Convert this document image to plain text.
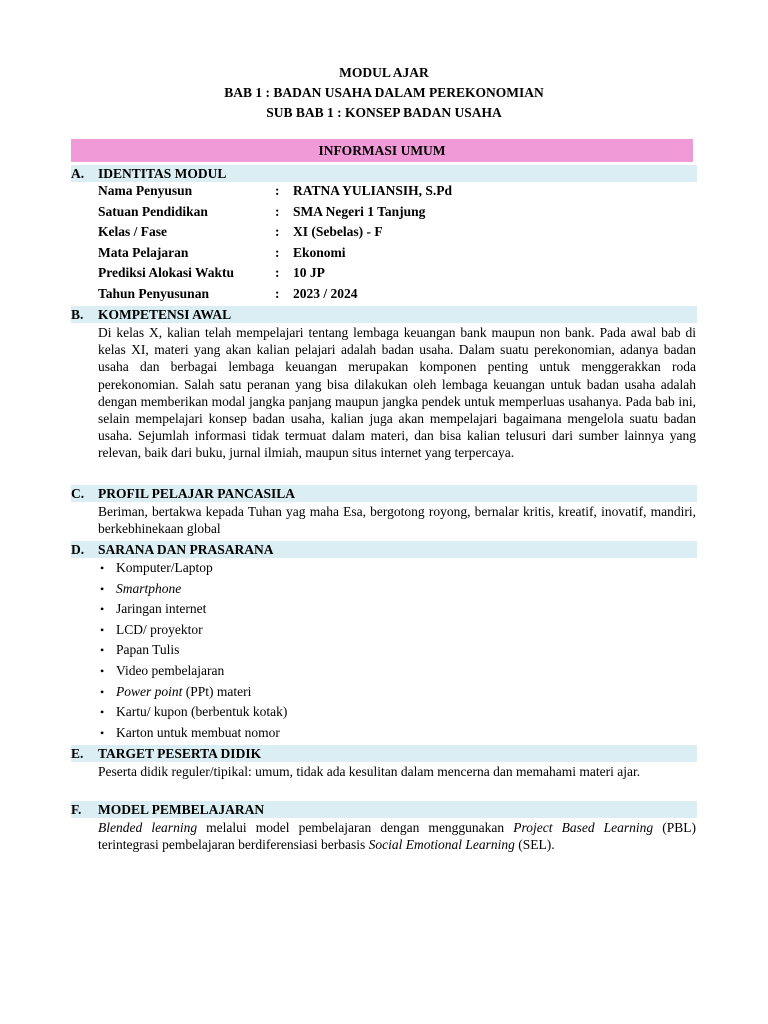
MODUL AJAR
BAB 1 : BADAN USAHA DALAM PEREKONOMIAN
SUB BAB 1 : KONSEP BADAN USAHA
INFORMASI UMUM
A.	IDENTITAS MODUL
Nama Penyusun	: RATNA YULIANSIH, S.Pd
Satuan Pendidikan	: SMA Negeri 1 Tanjung
Kelas / Fase	: XI (Sebelas) - F
Mata Pelajaran	: Ekonomi
Prediksi Alokasi Waktu	: 10 JP
Tahun Penyusunan	: 2023 / 2024
B.	KOMPETENSI AWAL
Di kelas X, kalian telah mempelajari tentang lembaga keuangan bank maupun non bank. Pada awal bab di kelas XI, materi yang akan kalian pelajari adalah badan usaha. Dalam suatu perekonomian, adanya badan usaha dan berbagai lembaga keuangan merupakan komponen penting untuk menggerakkan roda perekonomian. Salah satu peranan yang bisa dilakukan oleh lembaga keuangan untuk badan usaha adalah dengan memberikan modal jangka panjang maupun jangka pendek untuk memperluas usahanya. Pada bab ini, selain mempelajari konsep badan usaha, kalian juga akan mempelajari bagaimana mengelola suatu badan usaha. Sejumlah informasi tidak termuat dalam materi, dan bisa kalian telusuri dari sumber lainnya yang relevan, baik dari buku, jurnal ilmiah, maupun situs internet yang terpercaya.
C.	PROFIL PELAJAR PANCASILA
Beriman, bertakwa kepada Tuhan yag maha Esa, bergotong royong, bernalar kritis, kreatif, inovatif, mandiri, berkebhinekaan global
D.	SARANA DAN PRASARANA
• Komputer/Laptop
• Smartphone
• Jaringan internet
• LCD/ proyektor
• Papan Tulis
• Video pembelajaran
• Power point (PPt) materi
• Kartu/ kupon (berbentuk kotak)
• Karton untuk membuat nomor
E.	TARGET PESERTA DIDIK
Peserta didik reguler/tipikal: umum, tidak ada kesulitan dalam mencerna dan memahami materi ajar.
F.	MODEL PEMBELAJARAN
Blended learning melalui model pembelajaran dengan menggunakan Project Based Learning (PBL) terintegrasi pembelajaran berdiferensiasi berbasis Social Emotional Learning (SEL).
